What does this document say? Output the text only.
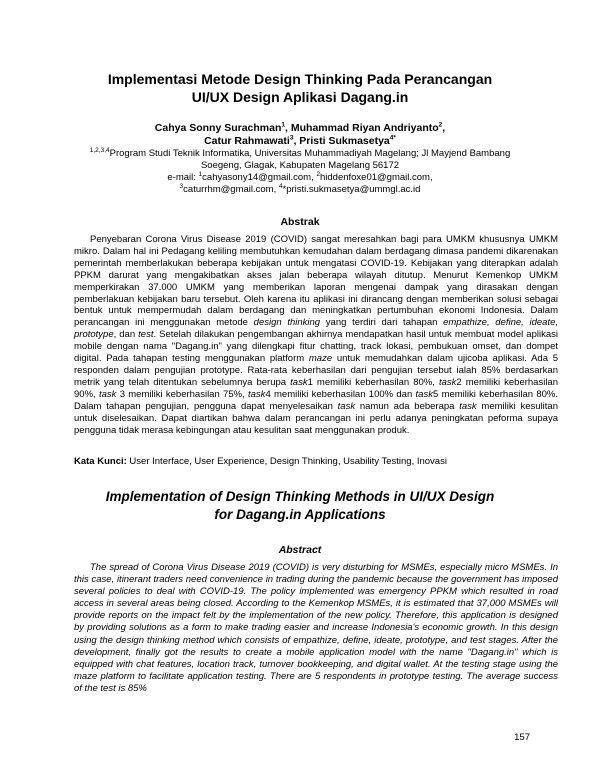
Implementasi Metode Design Thinking Pada Perancangan
UI/UX Design Aplikasi Dagang.in
Cahya Sonny Surachman$^1$, Muhammad Riyan Andriyanto$^2$,
Catur Rahmawati$^3$, Pristi Sukmasetya$^{4*}$
$^{1,2,3,4}$Program Studi Teknik Informatika, Universitas Muhammadiyah Magelang; Jl Mayjend Bambang
Soegeng, Glagak, Kabupaten Magelang 56172
e-mail: $^1$cahyasony14@gmail.com, $^2$hiddenfoxe01@gmail.com,
$^3$caturrhm@gmail.com, $^4$*pristi.sukmasetya@ummgl.ac.id
Abstrak

Penyebaran Corona Virus Disease 2019 (COVID) sangat meresahkan bagi para UMKM khususnya UMKM mikro. Dalam hal ini Pedagang keliling membutuhkan kemudahan dalam berdagang dimasa pandemi dikarenakan pemerintah memberlakukan beberapa kebijakan untuk mengatasi COVID-19. Kebijakan yang diterapkan adalah PPKM darurat yang mengakibatkan akses jalan beberapa wilayah ditutup. Menurut Kemenkop UMKM memperkirakan 37.000 UMKM yang memberikan laporan mengenai dampak yang dirasakan dengan pemberlakuan kebijakan baru tersebut. Oleh karena itu aplikasi ini dirancang dengan memberikan solusi sebagai bentuk untuk mempermudah dalam berdagang dan meningkatkan pertumbuhan ekonomi Indonesia. Dalam perancangan ini menggunakan metode design thinking yang terdiri dari tahapan empathize, define, ideate, prototype, dan test. Setelah dilakukan pengembangan akhirnya mendapatkan hasil untuk membuat model aplikasi mobile dengan nama "Dagang.in" yang dilengkapi fitur chatting, track lokasi, pembukuan omset, dan dompet digital. Pada tahapan testing menggunakan platform maze untuk memudahkan dalam ujicoba aplikasi. Ada 5 responden dalam pengujian prototype. Rata-rata keberhasilan dari pengujian tersebut ialah 85% berdasarkan metrik yang telah ditentukan sebelumnya berupa task1 memiliki keberhasilan 80%, task2 memiliki keberhasilan 90%, task 3 memiliki keberhasilan 75%, task4 memiliki keberhasilan 100% dan task5 memiliki keberhasilan 80%. Dalam tahapan pengujian, pengguna dapat menyelesaikan task namun ada beberapa task memiliki kesulitan untuk diselesaikan. Dapat diartikan bahwa dalam perancangan ini perlu adanya peningkatan peforma supaya pengguna tidak merasa kebingungan atau kesulitan saat menggunakan produk.

Kata Kunci: User Interface, User Experience, Design Thinking, Usability Testing, Inovasi
Implementation of Design Thinking Methods in UI/UX Design
for Dagang.in Applications
Abstract

The spread of Corona Virus Disease 2019 (COVID) is very disturbing for MSMEs, especially micro MSMEs. In this case, itinerant traders need convenience in trading during the pandemic because the government has imposed several policies to deal with COVID-19. The policy implemented was emergency PPKM which resulted in road access in several areas being closed. According to the Kemenkop MSMEs, it is estimated that 37,000 MSMEs will provide reports on the impact felt by the implementation of the new policy. Therefore, this application is designed by providing solutions as a form to make trading easier and increase Indonesia's economic growth. In this design using the design thinking method which consists of empathize, define, ideate, prototype, and test stages. After the development, finally got the results to create a mobile application model with the name "Dagang.in" which is equipped with chat features, location track, turnover bookkeeping, and digital wallet. At the testing stage using the maze platform to facilitate application testing. There are 5 respondents in prototype testing. The average success of the test is 85%

157
